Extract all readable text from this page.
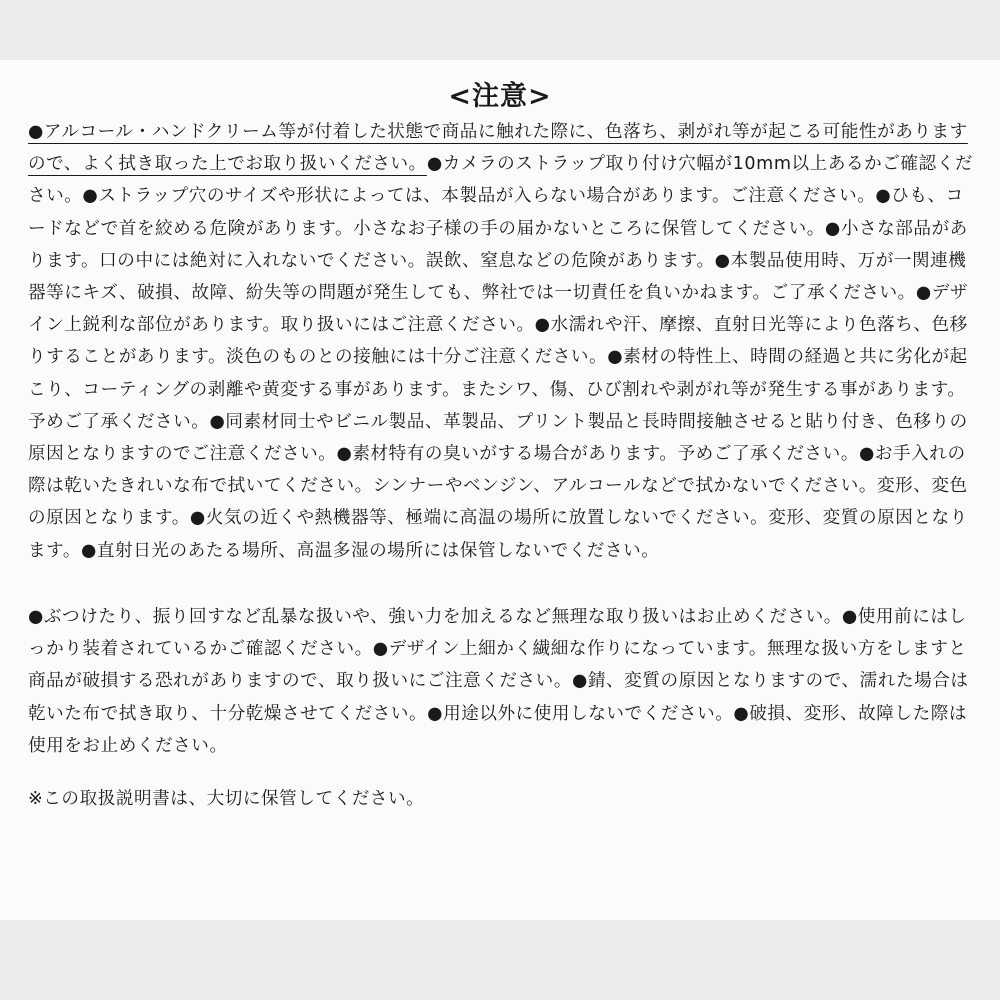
<注意>
●アルコール・ハンドクリーム等が付着した状態で商品に触れた際に、色落ち、剥がれ等が起こる可能性がありますので、よく拭き取った上でお取り扱いください。●カメラのストラップ取り付け穴幅が10mm以上あるかご確認ください。●ストラップ穴のサイズや形状によっては、本製品が入らない場合があります。ご注意ください。●ひも、コードなどで首を絞める危険があります。小さなお子様の手の届かないところに保管してください。●小さな部品があります。口の中には絶対に入れないでください。誤飲、窒息などの危険があります。●本製品使用時、万が一関連機器等にキズ、破損、故障、紛失等の問題が発生しても、弊社では一切責任を負いかねます。ご了承ください。●デザイン上鋭利な部位があります。取り扱いにはご注意ください。●水濡れや汗、摩擦、直射日光等により色落ち、色移りすることがあります。淡色のものとの接触には十分ご注意ください。●素材の特性上、時間の経過と共に劣化が起こり、コーティングの剥離や黄変する事があります。またシワ、傷、ひび割れや剥がれ等が発生する事があります。予めご了承ください。●同素材同士やビニル製品、革製品、プリント製品と長時間接触させると貼り付き、色移りの原因となりますのでご注意ください。●素材特有の臭いがする場合があります。予めご了承ください。●お手入れの際は乾いたきれいな布で拭いてください。シンナーやベンジン、アルコールなどで拭かないでください。変形、変色の原因となります。●火気の近くや熱機器等、極端に高温の場所に放置しないでください。変形、変質の原因となります。●直射日光のあたる場所、高温多湿の場所には保管しないでください。
●ぶつけたり、振り回すなど乱暴な扱いや、強い力を加えるなど無理な取り扱いはお止めください。●使用前にはしっかり装着されているかご確認ください。●デザイン上細かく繊細な作りになっています。無理な扱い方をしますと商品が破損する恐れがありますので、取り扱いにご注意ください。●錆、変質の原因となりますので、濡れた場合は乾いた布で拭き取り、十分乾燥させてください。●用途以外に使用しないでください。●破損、変形、故障した際は使用をお止めください。
※この取扱説明書は、大切に保管してください。
